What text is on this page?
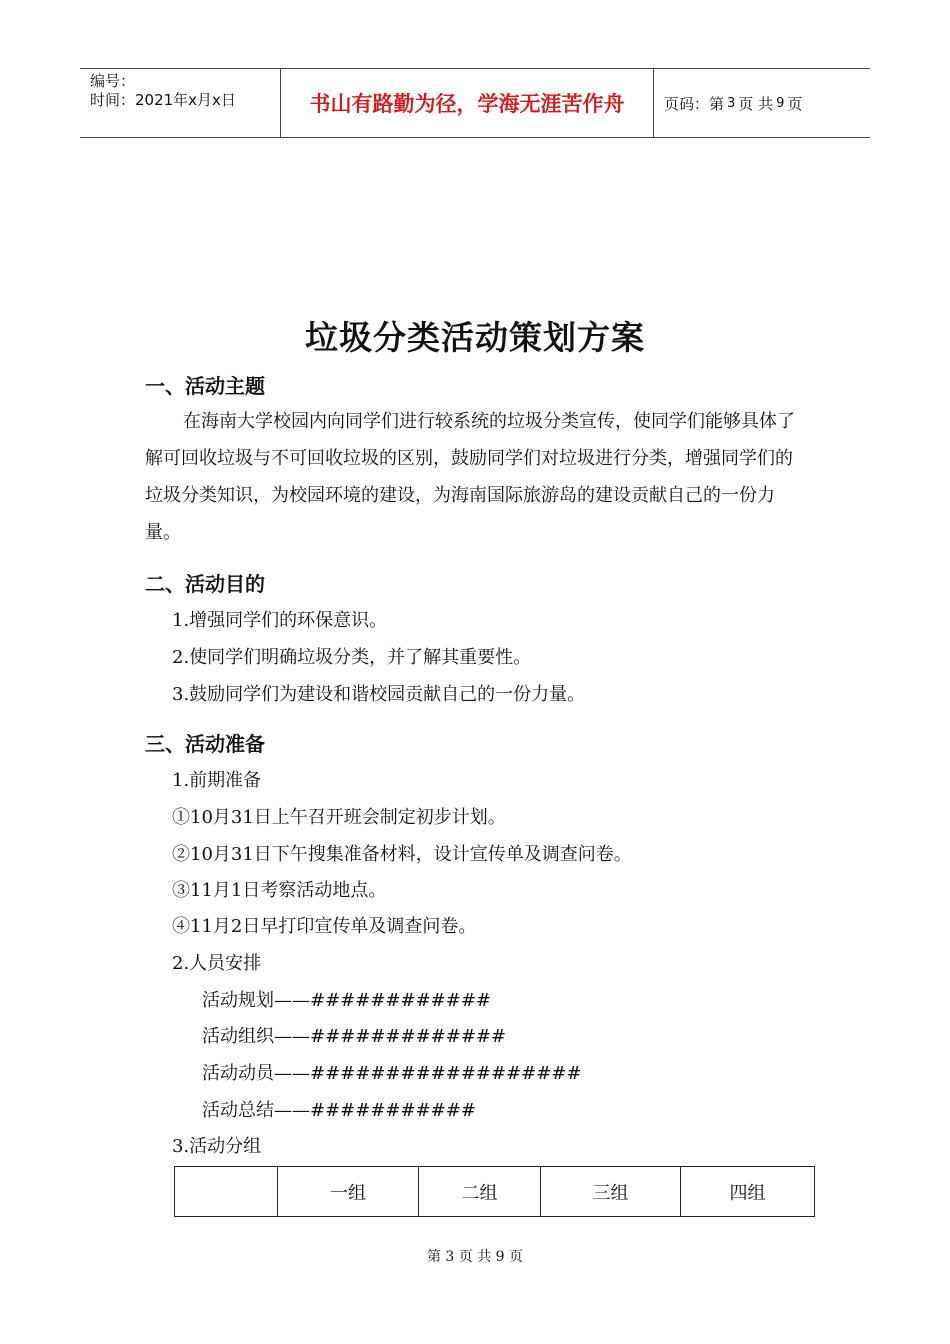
编号：
时间：2021年x月x日	书山有路勤为径，学海无涯苦作舟	页码：第 3 页 共 9 页
垃圾分类活动策划方案
一、活动主题
在海南大学校园内向同学们进行较系统的垃圾分类宣传，使同学们能够具体了解可回收垃圾与不可回收垃圾的区别，鼓励同学们对垃圾进行分类，增强同学们的垃圾分类知识，为校园环境的建设，为海南国际旅游岛的建设贡献自己的一份力量。
二、活动目的
1.增强同学们的环保意识。
2.使同学们明确垃圾分类，并了解其重要性。
3.鼓励同学们为建设和谐校园贡献自己的一份力量。
三、活动准备
1.前期准备
①10月31日上午召开班会制定初步计划。
②10月31日下午搜集准备材料，设计宣传单及调查问卷。
③11月1日考察活动地点。
④11月2日早打印宣传单及调查问卷。
2.人员安排
活动规划——############
活动组织——#############
活动动员——##################
活动总结——###########
3.活动分组
	一组	二组	三组	四组
第 3 页 共 9 页
